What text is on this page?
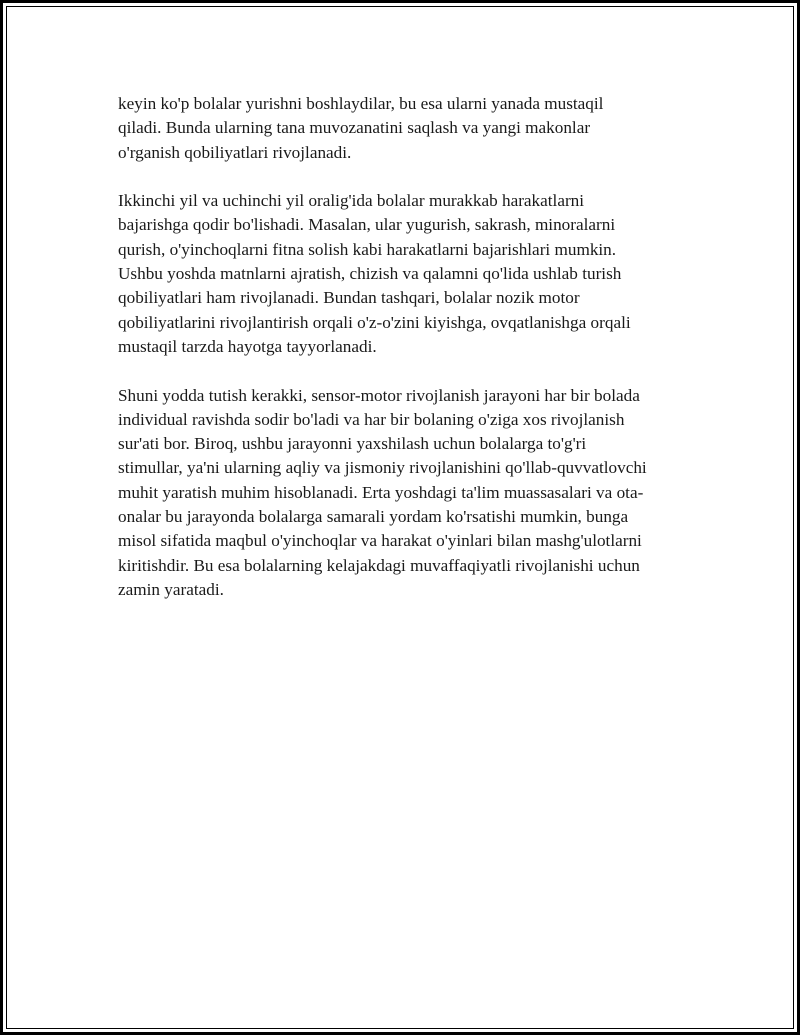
keyin ko'p bolalar yurishni boshlaydilar, bu esa ularni yanada mustaqil
qiladi. Bunda ularning tana muvozanatini saqlash va yangi makonlar
o'rganish qobiliyatlari rivojlanadi.

Ikkinchi yil va uchinchi yil oralig'ida bolalar murakkab harakatlarni
bajarishga qodir bo'lishadi. Masalan, ular yugurish, sakrash, minoralarni
qurish, o'yinchoqlarni fitna solish kabi harakatlarni bajarishlari mumkin.
Ushbu yoshda matnlarni ajratish, chizish va qalamni qo'lida ushlab turish
qobiliyatlari ham rivojlanadi. Bundan tashqari, bolalar nozik motor
qobiliyatlarini rivojlantirish orqali o'z-o'zini kiyishga, ovqatlanishga orqali
mustaqil tarzda hayotga tayyorlanadi.

Shuni yodda tutish kerakki, sensor-motor rivojlanish jarayoni har bir bolada
individual ravishda sodir bo'ladi va har bir bolaning o'ziga xos rivojlanish
sur'ati bor. Biroq, ushbu jarayonni yaxshilash uchun bolalarga to'g'ri
stimullar, ya'ni ularning aqliy va jismoniy rivojlanishini qo'llab-quvvatlovchi
muhit yaratish muhim hisoblanadi. Erta yoshdagi ta'lim muassasalari va ota-
onalar bu jarayonda bolalarga samarali yordam ko'rsatishi mumkin, bunga
misol sifatida maqbul o'yinchoqlar va harakat o'yinlari bilan mashg'ulotlarni
kiritishdir. Bu esa bolalarning kelajakdagi muvaffaqiyatli rivojlanishi uchun
zamin yaratadi.
